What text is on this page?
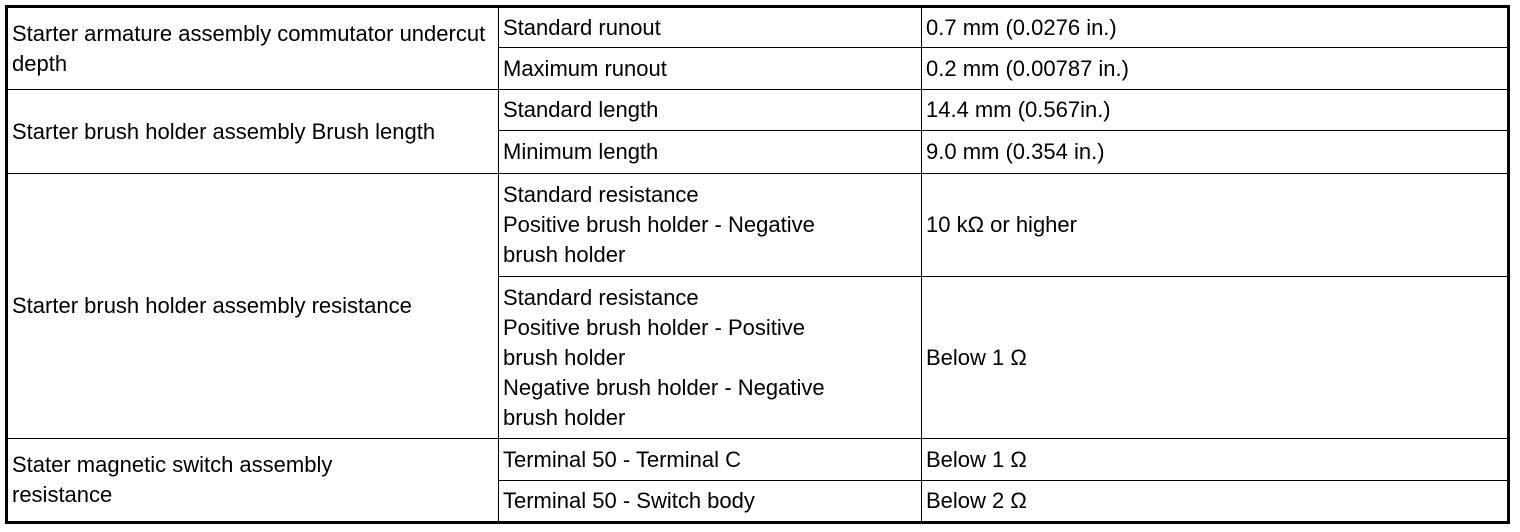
Starter armature assembly commutator undercut depth	Standard runout	0.7 mm (0.0276 in.)
	Maximum runout	0.2 mm (0.00787 in.)
Starter brush holder assembly Brush length	Standard length	14.4 mm (0.567in.)
	Minimum length	9.0 mm (0.354 in.)
Starter brush holder assembly resistance	Standard resistance
Positive brush holder - Negative
brush holder	10 kΩ or higher
	Standard resistance
Positive brush holder - Positive
brush holder
Negative brush holder - Negative
brush holder	Below 1 Ω
Stater magnetic switch assembly
resistance	Terminal 50 - Terminal C	Below 1 Ω
	Terminal 50 - Switch body	Below 2 Ω
